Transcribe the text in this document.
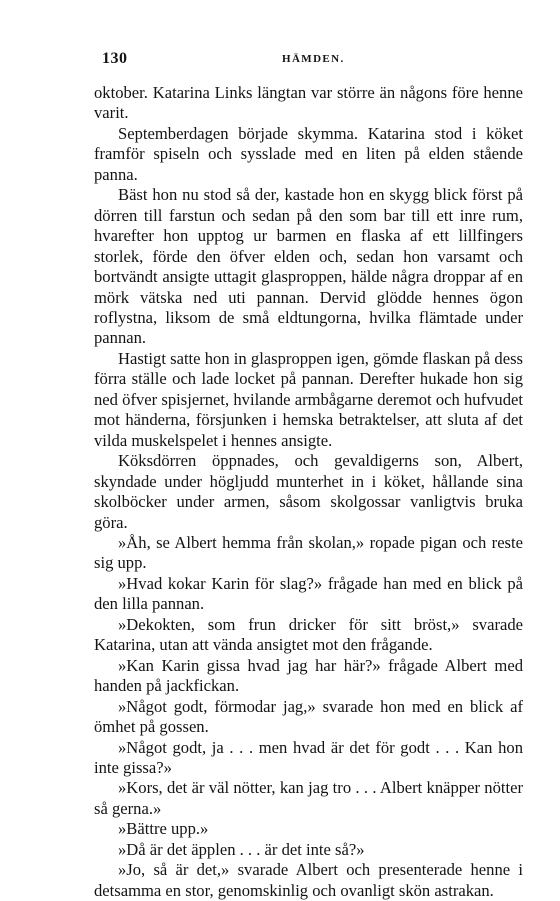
130	HÄMDEN.

oktober. Katarina Links längtan var större än någons före henne varit.

Septemberdagen började skymma. Katarina stod i köket framför spiseln och sysslade med en liten på elden stående panna.

Bäst hon nu stod så der, kastade hon en skygg blick först på dörren till farstun och sedan på den som bar till ett inre rum, hvarefter hon upptog ur barmen en flaska af ett lillfingers storlek, förde den öfver elden och, sedan hon varsamt och bortvändt ansigte uttagit glasproppen, hälde några droppar af en mörk vätska ned uti pannan. Dervid glödde hennes ögon roflystna, liksom de små eldtungorna, hvilka flämtade under pannan.

Hastigt satte hon in glasproppen igen, gömde flaskan på dess förra ställe och lade locket på pannan. Derefter hukade hon sig ned öfver spisjernet, hvilande armbågarne deremot och hufvudet mot händerna, försjunken i hemska betraktelser, att sluta af det vilda muskelspelet i hennes ansigte.

Köksdörren öppnades, och gevaldigerns son, Albert, skyndade under högljudd munterhet in i köket, hållande sina skolböcker under armen, såsom skolgossar vanligtvis bruka göra.

»Åh, se Albert hemma från skolan,» ropade pigan och reste sig upp.

»Hvad kokar Karin för slag?» frågade han med en blick på den lilla pannan.

»Dekokten, som frun dricker för sitt bröst,» svarade Katarina, utan att vända ansigtet mot den frågande.

»Kan Karin gissa hvad jag har här?» frågade Albert med handen på jackfickan.

»Något godt, förmodar jag,» svarade hon med en blick af ömhet på gossen.

»Något godt, ja . . . men hvad är det för godt . . . Kan hon inte gissa?»

»Kors, det är väl nötter, kan jag tro . . . Albert knäpper nötter så gerna.»

»Bättre upp.»

»Då är det äpplen . . . är det inte så?»

»Jo, så är det,» svarade Albert och presenterade henne i detsamma en stor, genomskinlig och ovanligt skön astrakan.
